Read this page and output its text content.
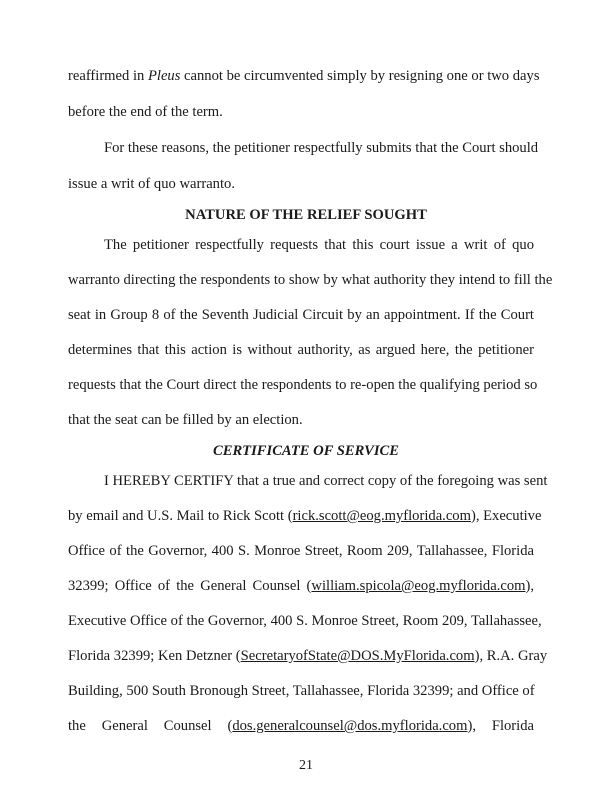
reaffirmed in Pleus cannot be circumvented simply by resigning one or two days
before the end of the term.
For these reasons, the petitioner respectfully submits that the Court should
issue a writ of quo warranto.
NATURE OF THE RELIEF SOUGHT
The petitioner respectfully requests that this court issue a writ of quo
warranto directing the respondents to show by what authority they intend to fill the
seat in Group 8 of the Seventh Judicial Circuit by an appointment. If the Court
determines that this action is without authority, as argued here, the petitioner
requests that the Court direct the respondents to re-open the qualifying period so
that the seat can be filled by an election.
CERTIFICATE OF SERVICE
I HEREBY CERTIFY that a true and correct copy of the foregoing was sent
by email and U.S. Mail to Rick Scott (rick.scott@eog.myflorida.com), Executive
Office of the Governor, 400 S. Monroe Street, Room 209, Tallahassee, Florida
32399; Office of the General Counsel (william.spicola@eog.myflorida.com),
Executive Office of the Governor, 400 S. Monroe Street, Room 209, Tallahassee,
Florida 32399; Ken Detzner (SecretaryofState@DOS.MyFlorida.com), R.A. Gray
Building, 500 South Bronough Street, Tallahassee, Florida 32399; and Office of
the General Counsel (dos.generalcounsel@dos.myflorida.com), Florida
21
